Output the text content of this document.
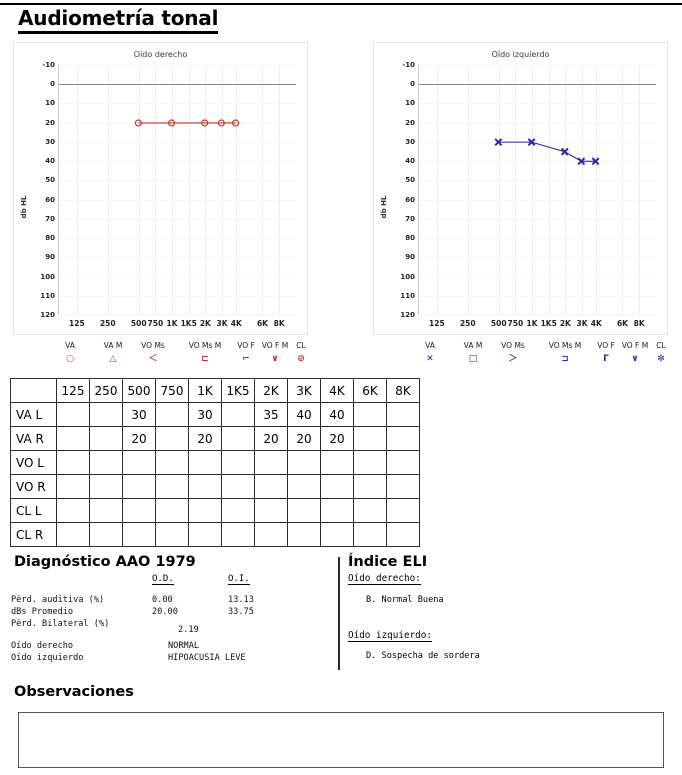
Audiometría tonal
Oído derecho
db HL
125 250 500 750 1K 1K5 2K 3K 4K 6K 8K
-10
0
10
20
30
40
50
60
70
80
90
100
110
120
Oído izquierdo
db HL
125 250 500 750 1K 1K5 2K 3K 4K 6K 8K
-10
0
10
20
30
40
50
60
70
80
90
100
110
120
VA
○
VA M
△
VO Ms
＜
VO Ms M
⊏
VO F
⌐
VO F M
∨
CL
⊘
VA
✕
VA M
□
VO Ms
＞
VO Ms M
⊐
VO F
Γ
VO F M
∨
CL
✼
	125	250	500	750	1K	1K5	2K	3K	4K	6K	8K
VA L			30		30		35	40	40		
VA R			20		20		20	20	20		
VO L											
VO R											
CL L											
CL R											
Diagnóstico AAO 1979
O.D.	O.I.
Pérd. auditiva (%)	0.00	13.13
dBs Promedio	20.00	33.75
Pérd. Bilateral (%)
2.19
Oído derecho	NORMAL
Oído izquierdo	HIPOACUSIA LEVE
Índice ELI
Oído derecho:
B. Normal Buena
Oído izquierdo:
D. Sospecha de sordera
Observaciones
